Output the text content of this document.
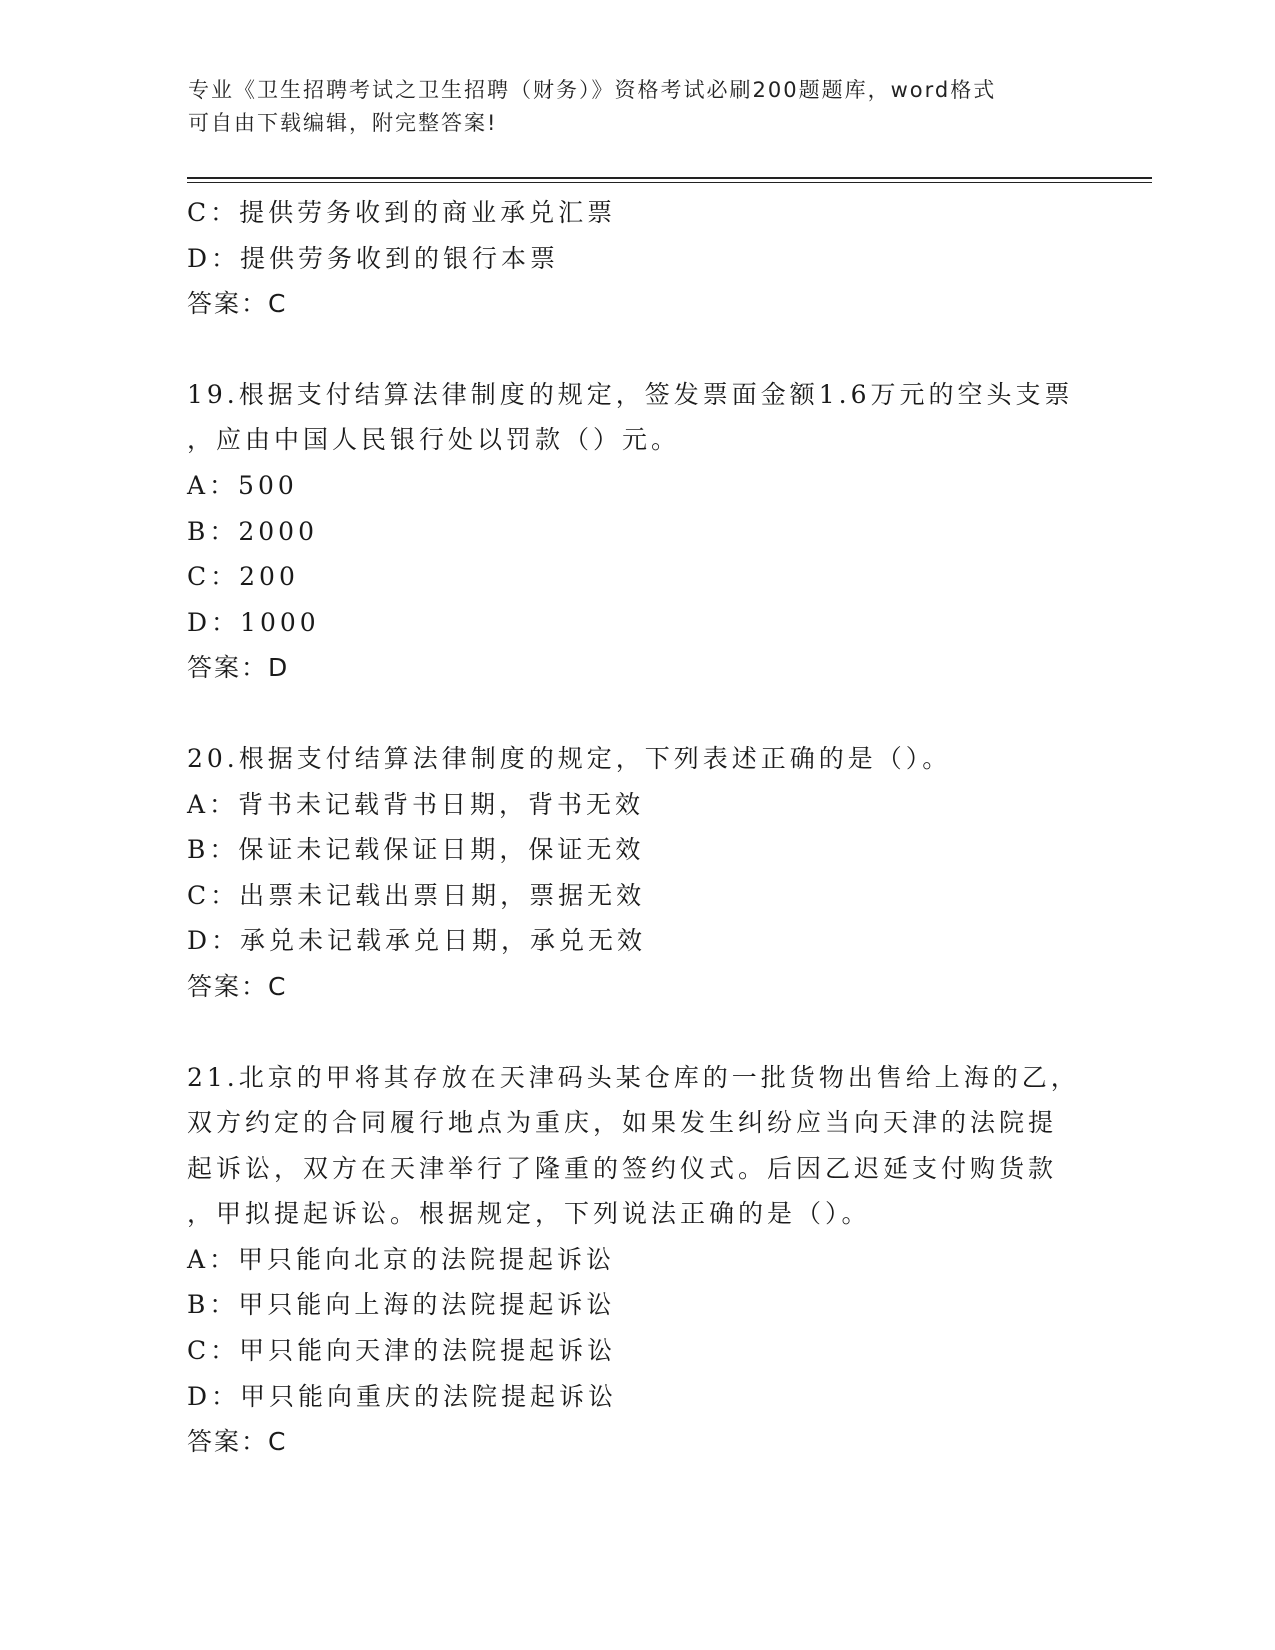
专业《卫生招聘考试之卫生招聘（财务）》资格考试必刷200题题库，word格式
可自由下载编辑，附完整答案!
C：提供劳务收到的商业承兑汇票
D：提供劳务收到的银行本票
答案：C
19.根据支付结算法律制度的规定，签发票面金额1.6万元的空头支票
，应由中国人民银行处以罚款（）元。
A：500
B：2000
C：200
D：1000
答案：D
20.根据支付结算法律制度的规定，下列表述正确的是（）。
A：背书未记载背书日期，背书无效
B：保证未记载保证日期，保证无效
C：出票未记载出票日期，票据无效
D：承兑未记载承兑日期，承兑无效
答案：C
21.北京的甲将其存放在天津码头某仓库的一批货物出售给上海的乙，
双方约定的合同履行地点为重庆，如果发生纠纷应当向天津的法院提
起诉讼，双方在天津举行了隆重的签约仪式。后因乙迟延支付购货款
，甲拟提起诉讼。根据规定，下列说法正确的是（）。
A：甲只能向北京的法院提起诉讼
B：甲只能向上海的法院提起诉讼
C：甲只能向天津的法院提起诉讼
D：甲只能向重庆的法院提起诉讼
答案：C
